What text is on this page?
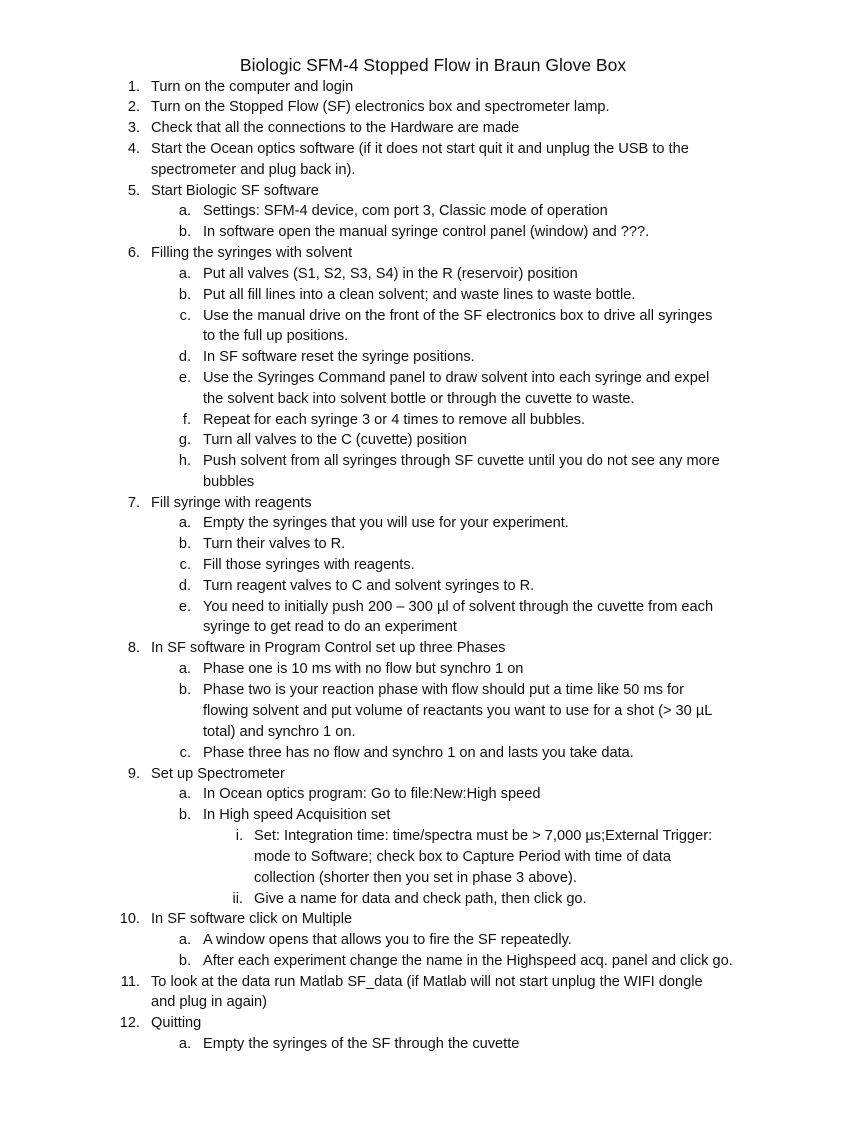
Biologic SFM-4 Stopped Flow in Braun Glove Box
1. Turn on the computer and login
2. Turn on the Stopped Flow (SF) electronics box and spectrometer lamp.
3. Check that all the connections to the Hardware are made
4. Start the Ocean optics software (if it does not start quit it and unplug the USB to the
spectrometer and plug back in).
5. Start Biologic SF software
a. Settings: SFM-4 device, com port 3, Classic mode of operation
b. In software open the manual syringe control panel (window) and ???.
6. Filling the syringes with solvent
a. Put all valves (S1, S2, S3, S4) in the R (reservoir) position
b. Put all fill lines into a clean solvent; and waste lines to waste bottle.
c. Use the manual drive on the front of the SF electronics box to drive all syringes
to the full up positions.
d. In SF software reset the syringe positions.
e. Use the Syringes Command panel to draw solvent into each syringe and expel
the solvent back into solvent bottle or through the cuvette to waste.
f. Repeat for each syringe 3 or 4 times to remove all bubbles.
g. Turn all valves to the C (cuvette) position
h. Push solvent from all syringes through SF cuvette until you do not see any more
bubbles
7. Fill syringe with reagents
a. Empty the syringes that you will use for your experiment.
b. Turn their valves to R.
c. Fill those syringes with reagents.
d. Turn reagent valves to C and solvent syringes to R.
e. You need to initially push 200 – 300 µl of solvent through the cuvette from each
syringe to get read to do an experiment
8. In SF software in Program Control set up three Phases
a. Phase one is 10 ms with no flow but synchro 1 on
b. Phase two is your reaction phase with flow should put a time like 50 ms for
flowing solvent and put volume of reactants you want to use for a shot (> 30 µL
total) and synchro 1 on.
c. Phase three has no flow and synchro 1 on and lasts you take data.
9. Set up Spectrometer
a. In Ocean optics program: Go to file:New:High speed
b. In High speed Acquisition set
i. Set: Integration time: time/spectra must be > 7,000 µs;External Trigger:
mode to Software; check box to Capture Period with time of data
collection (shorter then you set in phase 3 above).
ii. Give a name for data and check path, then click go.
10. In SF software click on Multiple
a. A window opens that allows you to fire the SF repeatedly.
b. After each experiment change the name in the Highspeed acq. panel and click go.
11. To look at the data run Matlab SF_data (if Matlab will not start unplug the WIFI dongle
and plug in again)
12. Quitting
a. Empty the syringes of the SF through the cuvette
